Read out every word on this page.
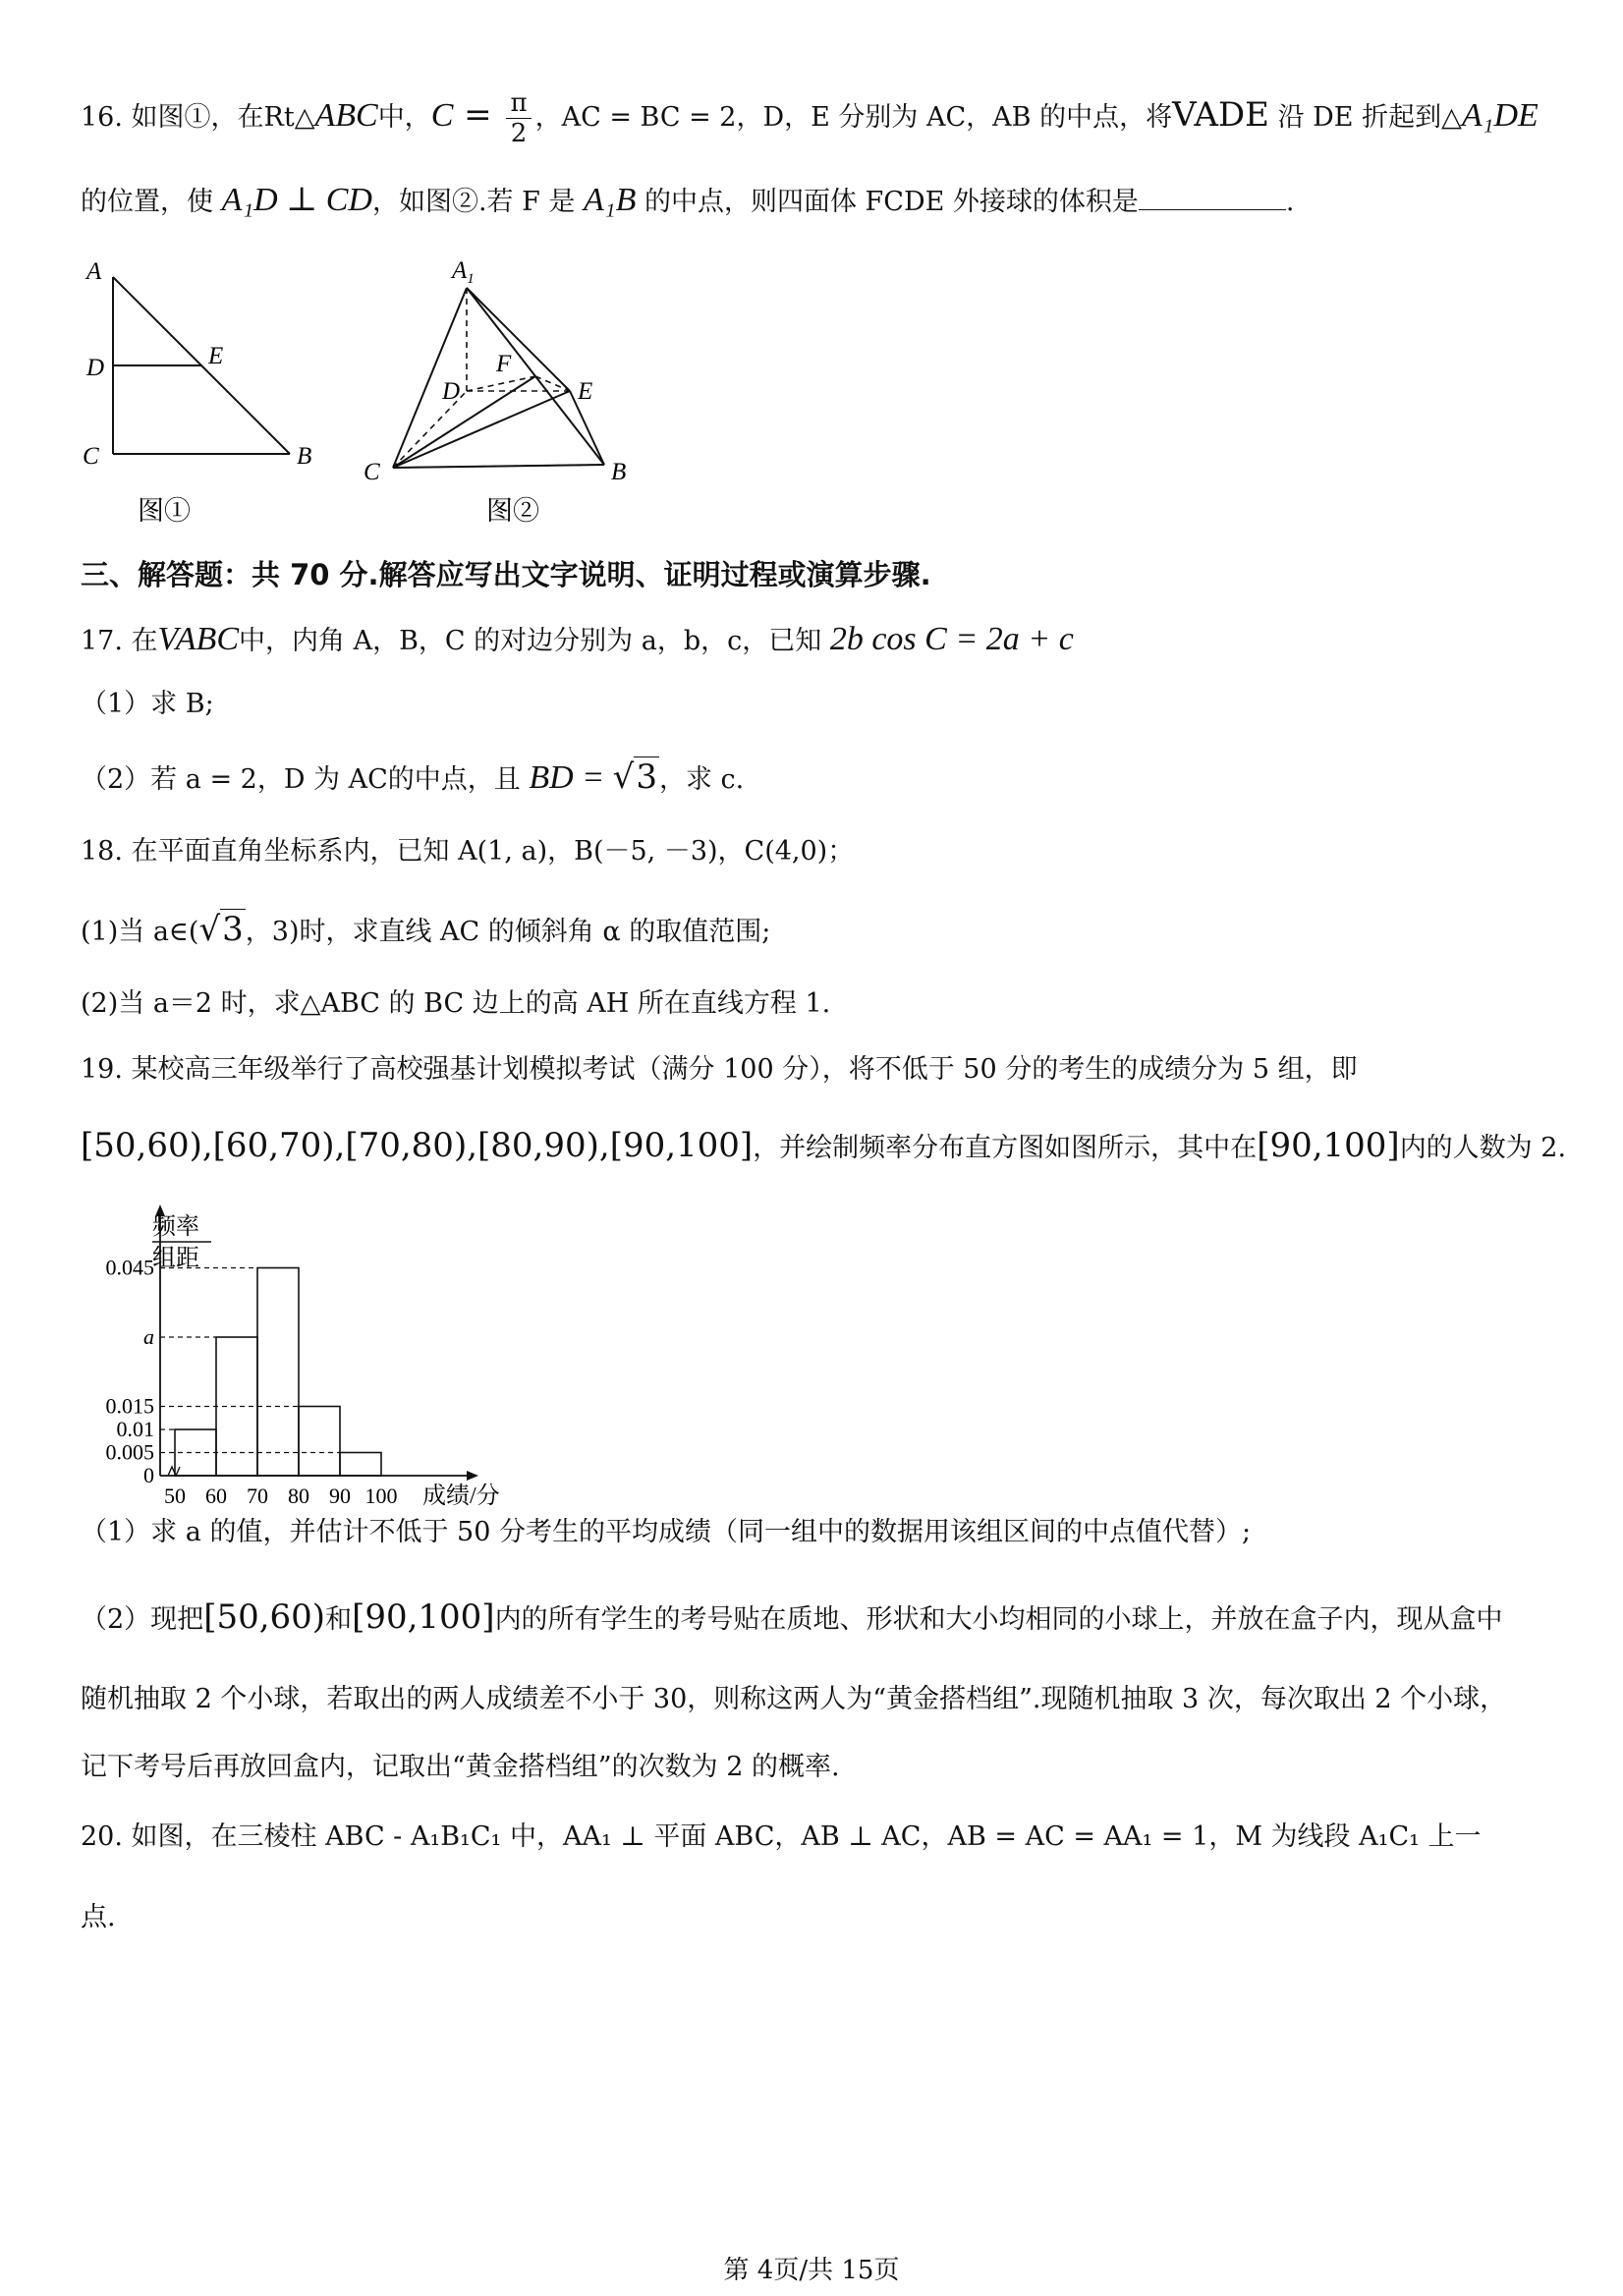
16. 如图①，在Rt△ABC中，$C = \frac{\pi}{2}$ ，AC = BC = 2，D，E 分别为 AC，AB 的中点，将VADE 沿 DE 折起到△A₁DE
的位置，使 A₁D ⊥ CD，如图②.若 F 是 A₁B 的中点，则四面体 FCDE 外接球的体积是	.
A
D	E
C	B
图①
$A_1$
D
F
E
C	B
图②
三、解答题：共 70 分.解答应写出文字说明、证明过程或演算步骤.
17. 在VABC中，内角 A，B，C 的对边分别为 a，b，c，已知 2b cos C = 2a + c
（1）求 B;
（2）若 a = 2，D 为 AC的中点，且 BD = √3，求 c.
18. 在平面直角坐标系内，已知 A(1, a)，B(－5, －3)，C(4,0)；
(1)当 a∈(√3，3)时，求直线 AC 的倾斜角 α 的取值范围;
(2)当 a＝2 时，求△ABC 的 BC 边上的高 AH 所在直线方程 1.
19. 某校高三年级举行了高校强基计划模拟考试（满分 100 分），将不低于 50 分的考生的成绩分为 5 组，即
[50,60),[60,70),[70,80),[80,90),[90,100]，并绘制频率分布直方图如图所示，其中在[90,100]内的人数为 2.
频率
组距
成绩/分
0.045
a
0.015
0.01
0.005
0
50 60 70 80 90 100
（1）求 a 的值，并估计不低于 50 分考生的平均成绩（同一组中的数据用该组区间的中点值代替）;
（2）现把[50,60)和[90,100]内的所有学生的考号贴在质地、形状和大小均相同的小球上，并放在盒子内，现从盒中
随机抽取 2 个小球，若取出的两人成绩差不小于 30，则称这两人为“黄金搭档组”.现随机抽取 3 次，每次取出 2 个小球，
记下考号后再放回盒内，记取出“黄金搭档组”的次数为 2 的概率.
20. 如图，在三棱柱 ABC - A₁B₁C₁ 中，AA₁ ⊥ 平面 ABC，AB ⊥ AC，AB = AC = AA₁ = 1，M 为线段 A₁C₁ 上一
点.
第 4页/共 15页
